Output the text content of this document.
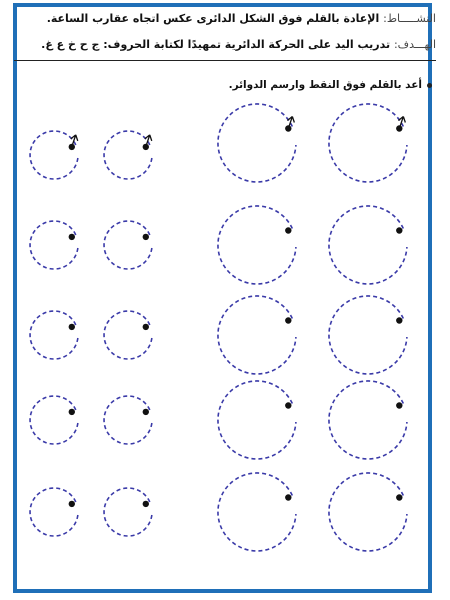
النشـــــاط: الإعادة بالقلم فوق الشكل الدائرى عكس اتجاه عقارب الساعة.
الهـــدف: تدريب اليد على الحركة الدائرية تمهيدًا لكتابة الحروف: ج ح خ ع غ.
أعد بالقلم فوق النقط وارسم الدوائر.
